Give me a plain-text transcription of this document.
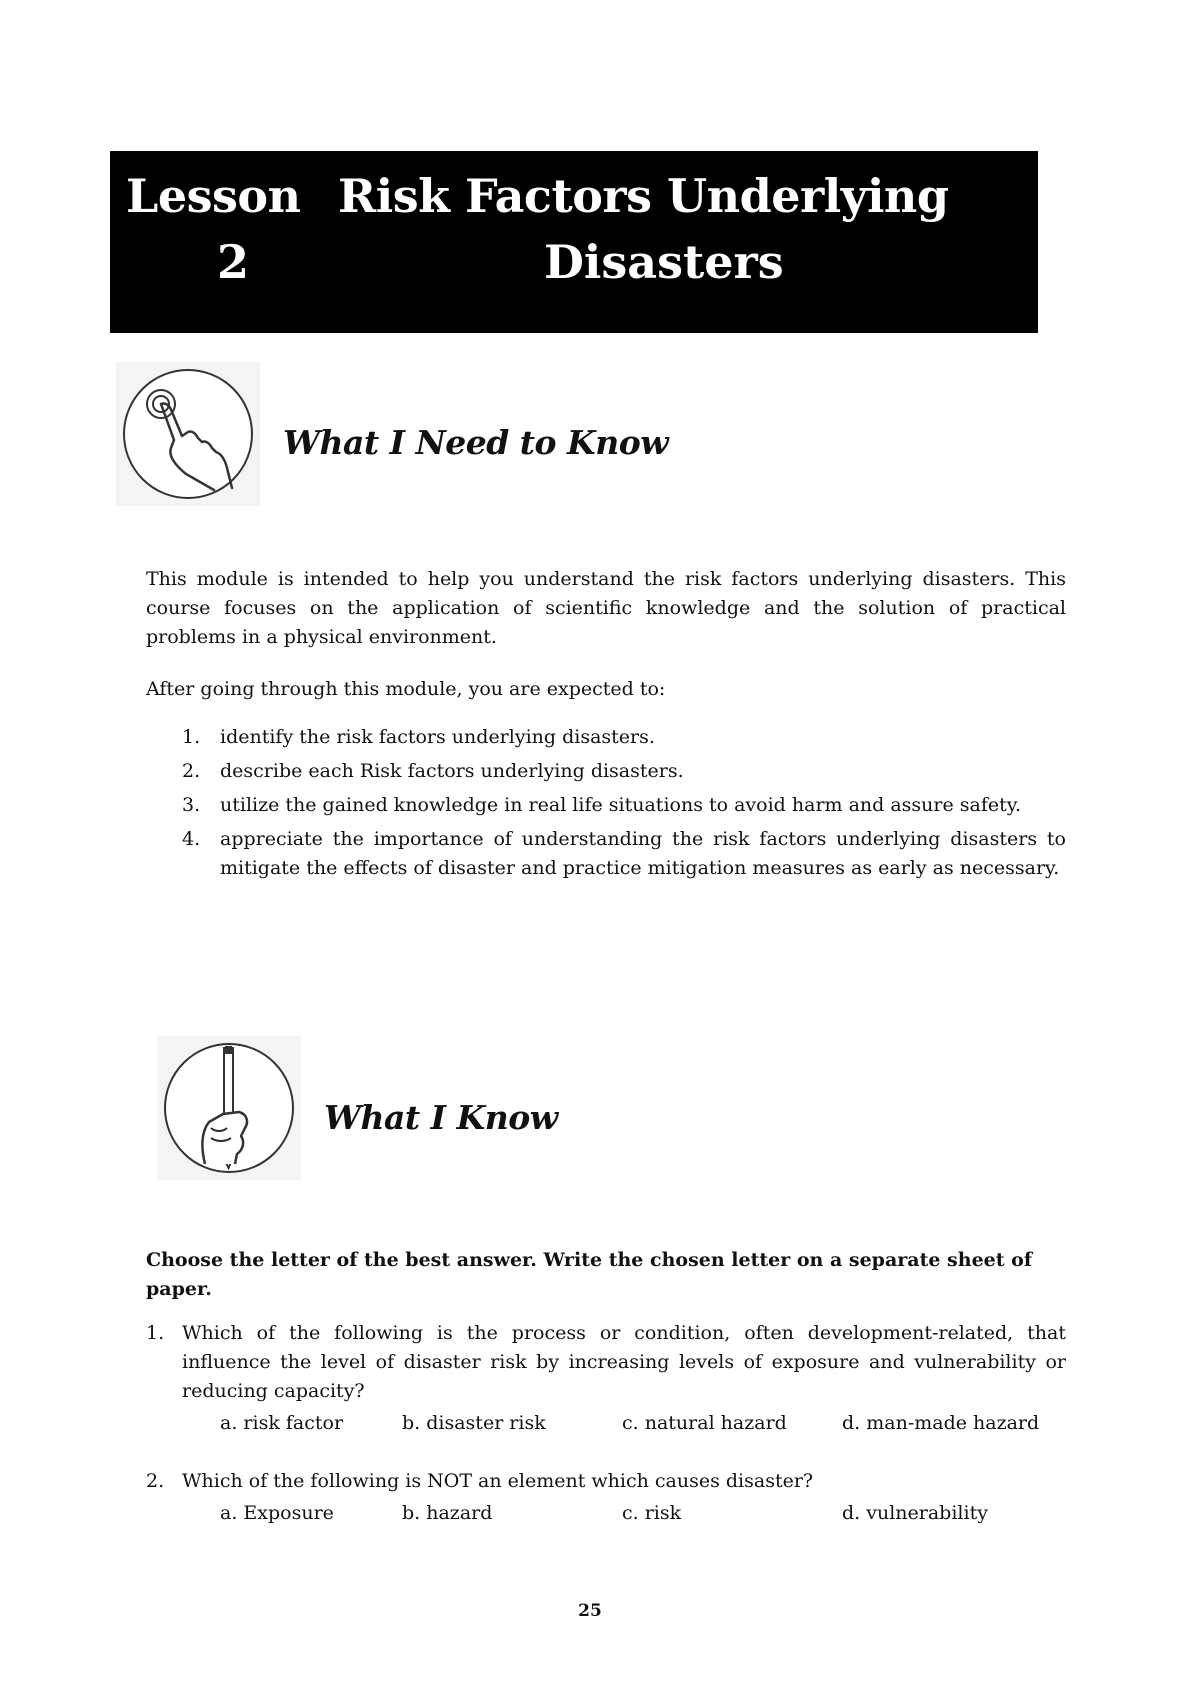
Lesson
2
Risk Factors Underlying
Disasters
What I Need to Know

This module is intended to help you understand the risk factors underlying disasters. This course focuses on the application of scientific knowledge and the solution of practical problems in a physical environment.

After going through this module, you are expected to:

1. identify the risk factors underlying disasters.
2. describe each Risk factors underlying disasters.
3. utilize the gained knowledge in real life situations to avoid harm and assure safety.
4. appreciate the importance of understanding the risk factors underlying disasters to mitigate the effects of disaster and practice mitigation measures as early as necessary.
What I Know

Choose the letter of the best answer. Write the chosen letter on a separate sheet of paper.

1. Which of the following is the process or condition, often development-related, that influence the level of disaster risk by increasing levels of exposure and vulnerability or reducing capacity?
a. risk factor	b. disaster risk	c. natural hazard	d. man-made hazard
2. Which of the following is NOT an element which causes disaster?
a. Exposure	b. hazard	c. risk	d. vulnerability
25
